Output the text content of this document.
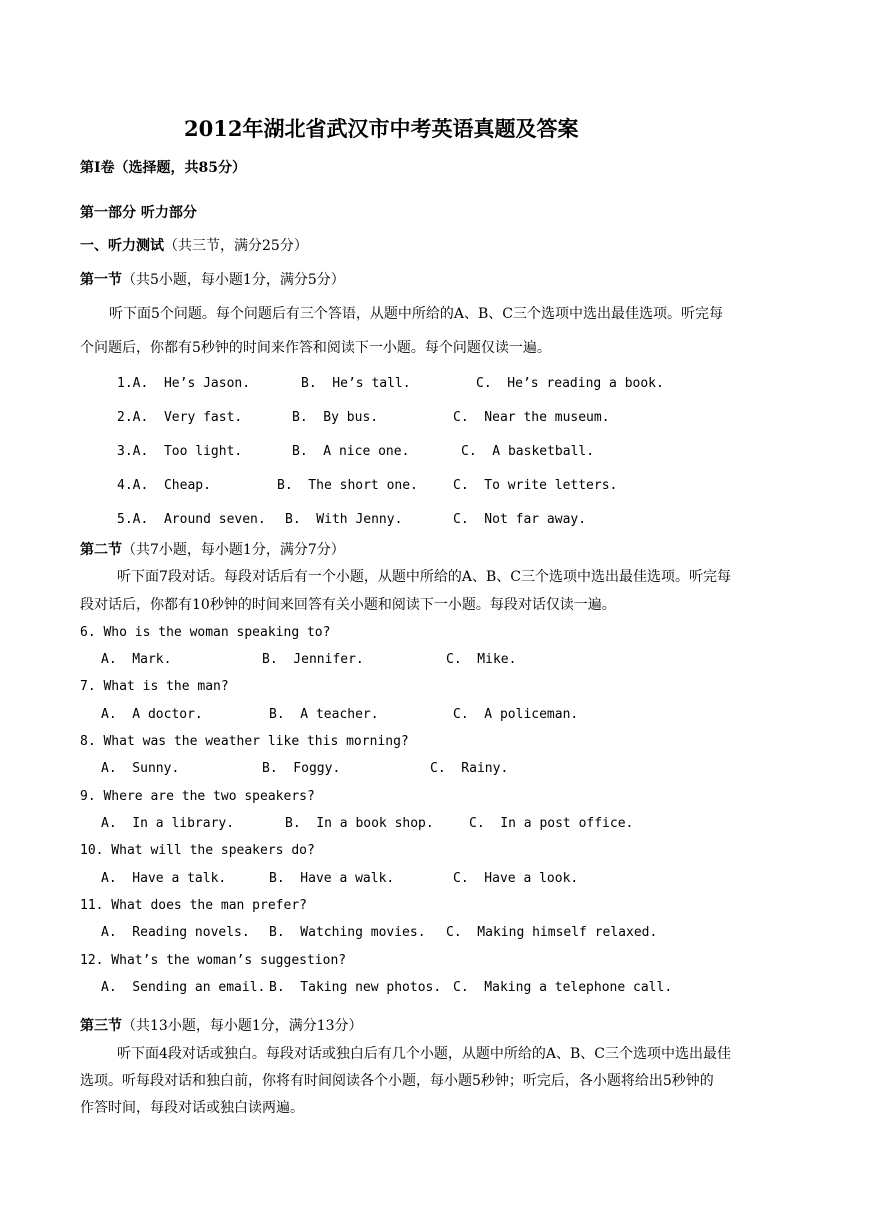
2012年湖北省武汉市中考英语真题及答案
第Ⅰ卷（选择题，共85分）
第一部分 听力部分
一、听力测试（共三节，满分25分）
第一节（共5小题，每小题1分，满分5分）
听下面5个问题。每个问题后有三个答语，从题中所给的A、B、C三个选项中选出最佳选项。听完每
个问题后，你都有5秒钟的时间来作答和阅读下一小题。每个问题仅读一遍。
1.A.  He’s Jason.	B.  He’s tall.	C.  He’s reading a book.
2.A.  Very fast.	B.  By bus.	C.  Near the museum.
3.A.  Too light.	B.  A nice one.	C.  A basketball.
4.A.  Cheap.	B.  The short one.	C.  To write letters.
5.A.  Around seven. B.  With Jenny.	C.  Not far away.
第二节（共7小题，每小题1分，满分7分）
听下面7段对话。每段对话后有一个小题，从题中所给的A、B、C三个选项中选出最佳选项。听完每
段对话后，你都有10秒钟的时间来回答有关小题和阅读下一小题。每段对话仅读一遍。
6. Who is the woman speaking to?
A.  Mark.	B.  Jennifer.	C.  Mike.
7. What is the man?
A.  A doctor.	B.  A teacher.	C.  A policeman.
8. What was the weather like this morning?
A.  Sunny.	B.  Foggy.	C.  Rainy.
9. Where are the two speakers?
A.  In a library.	B.  In a book shop.	C.  In a post office.
10. What will the speakers do?
A.  Have a talk.	B.  Have a walk.	C.  Have a look.
11. What does the man prefer?
A.  Reading novels. B.  Watching movies. C.  Making himself relaxed.
12. What’s the woman’s suggestion?
A.  Sending an email. B.  Taking new photos. C.  Making a telephone call.
第三节（共13小题，每小题1分，满分13分）
听下面4段对话或独白。每段对话或独白后有几个小题，从题中所给的A、B、C三个选项中选出最佳
选项。听每段对话和独白前，你将有时间阅读各个小题，每小题5秒钟；听完后，各小题将给出5秒钟的
作答时间，每段对话或独白读两遍。
